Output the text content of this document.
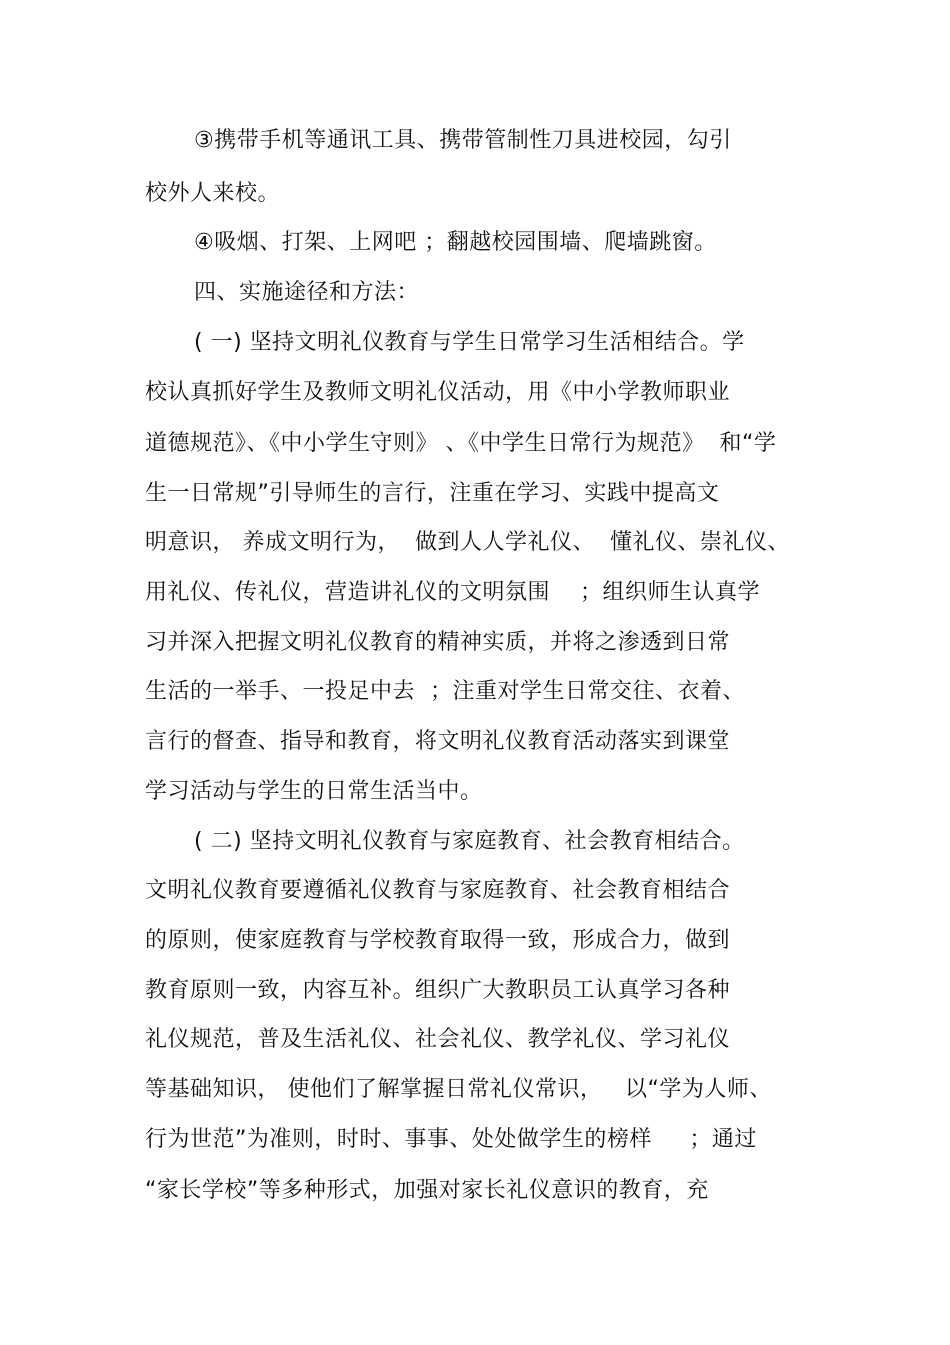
③携带手机等通讯工具、携带管制性刀具进校园，勾引
校外人来校。
④吸烟、打架、上网吧 ；翻越校园围墙、爬墙跳窗。
四、实施途径和方法：
( 一) 坚持文明礼仪教育与学生日常学习生活相结合。学
校认真抓好学生及教师文明礼仪活动，用《中小学教师职业
道德规范》、《中小学生守则》 、《中学生日常行为规范》  和“学
生一日常规”引导师生的言行，注重在学习、实践中提高文
明意识， 养成文明行为，  做到人人学礼仪、  懂礼仪、崇礼仪、
用礼仪、传礼仪，营造讲礼仪的文明氛围    ；组织师生认真学
习并深入把握文明礼仪教育的精神实质，并将之渗透到日常
生活的一举手、一投足中去  ；注重对学生日常交往、衣着、
言行的督查、指导和教育，将文明礼仪教育活动落实到课堂
学习活动与学生的日常生活当中。
( 二) 坚持文明礼仪教育与家庭教育、社会教育相结合。
文明礼仪教育要遵循礼仪教育与家庭教育、社会教育相结合
的原则，使家庭教育与学校教育取得一致，形成合力，做到
教育原则一致，内容互补。组织广大教职员工认真学习各种
礼仪规范，普及生活礼仪、社会礼仪、教学礼仪、学习礼仪
等基础知识， 使他们了解掌握日常礼仪常识，   以“学为人师、
行为世范”为准则，时时、事事、处处做学生的榜样     ；通过
“家长学校”等多种形式，加强对家长礼仪意识的教育，充
